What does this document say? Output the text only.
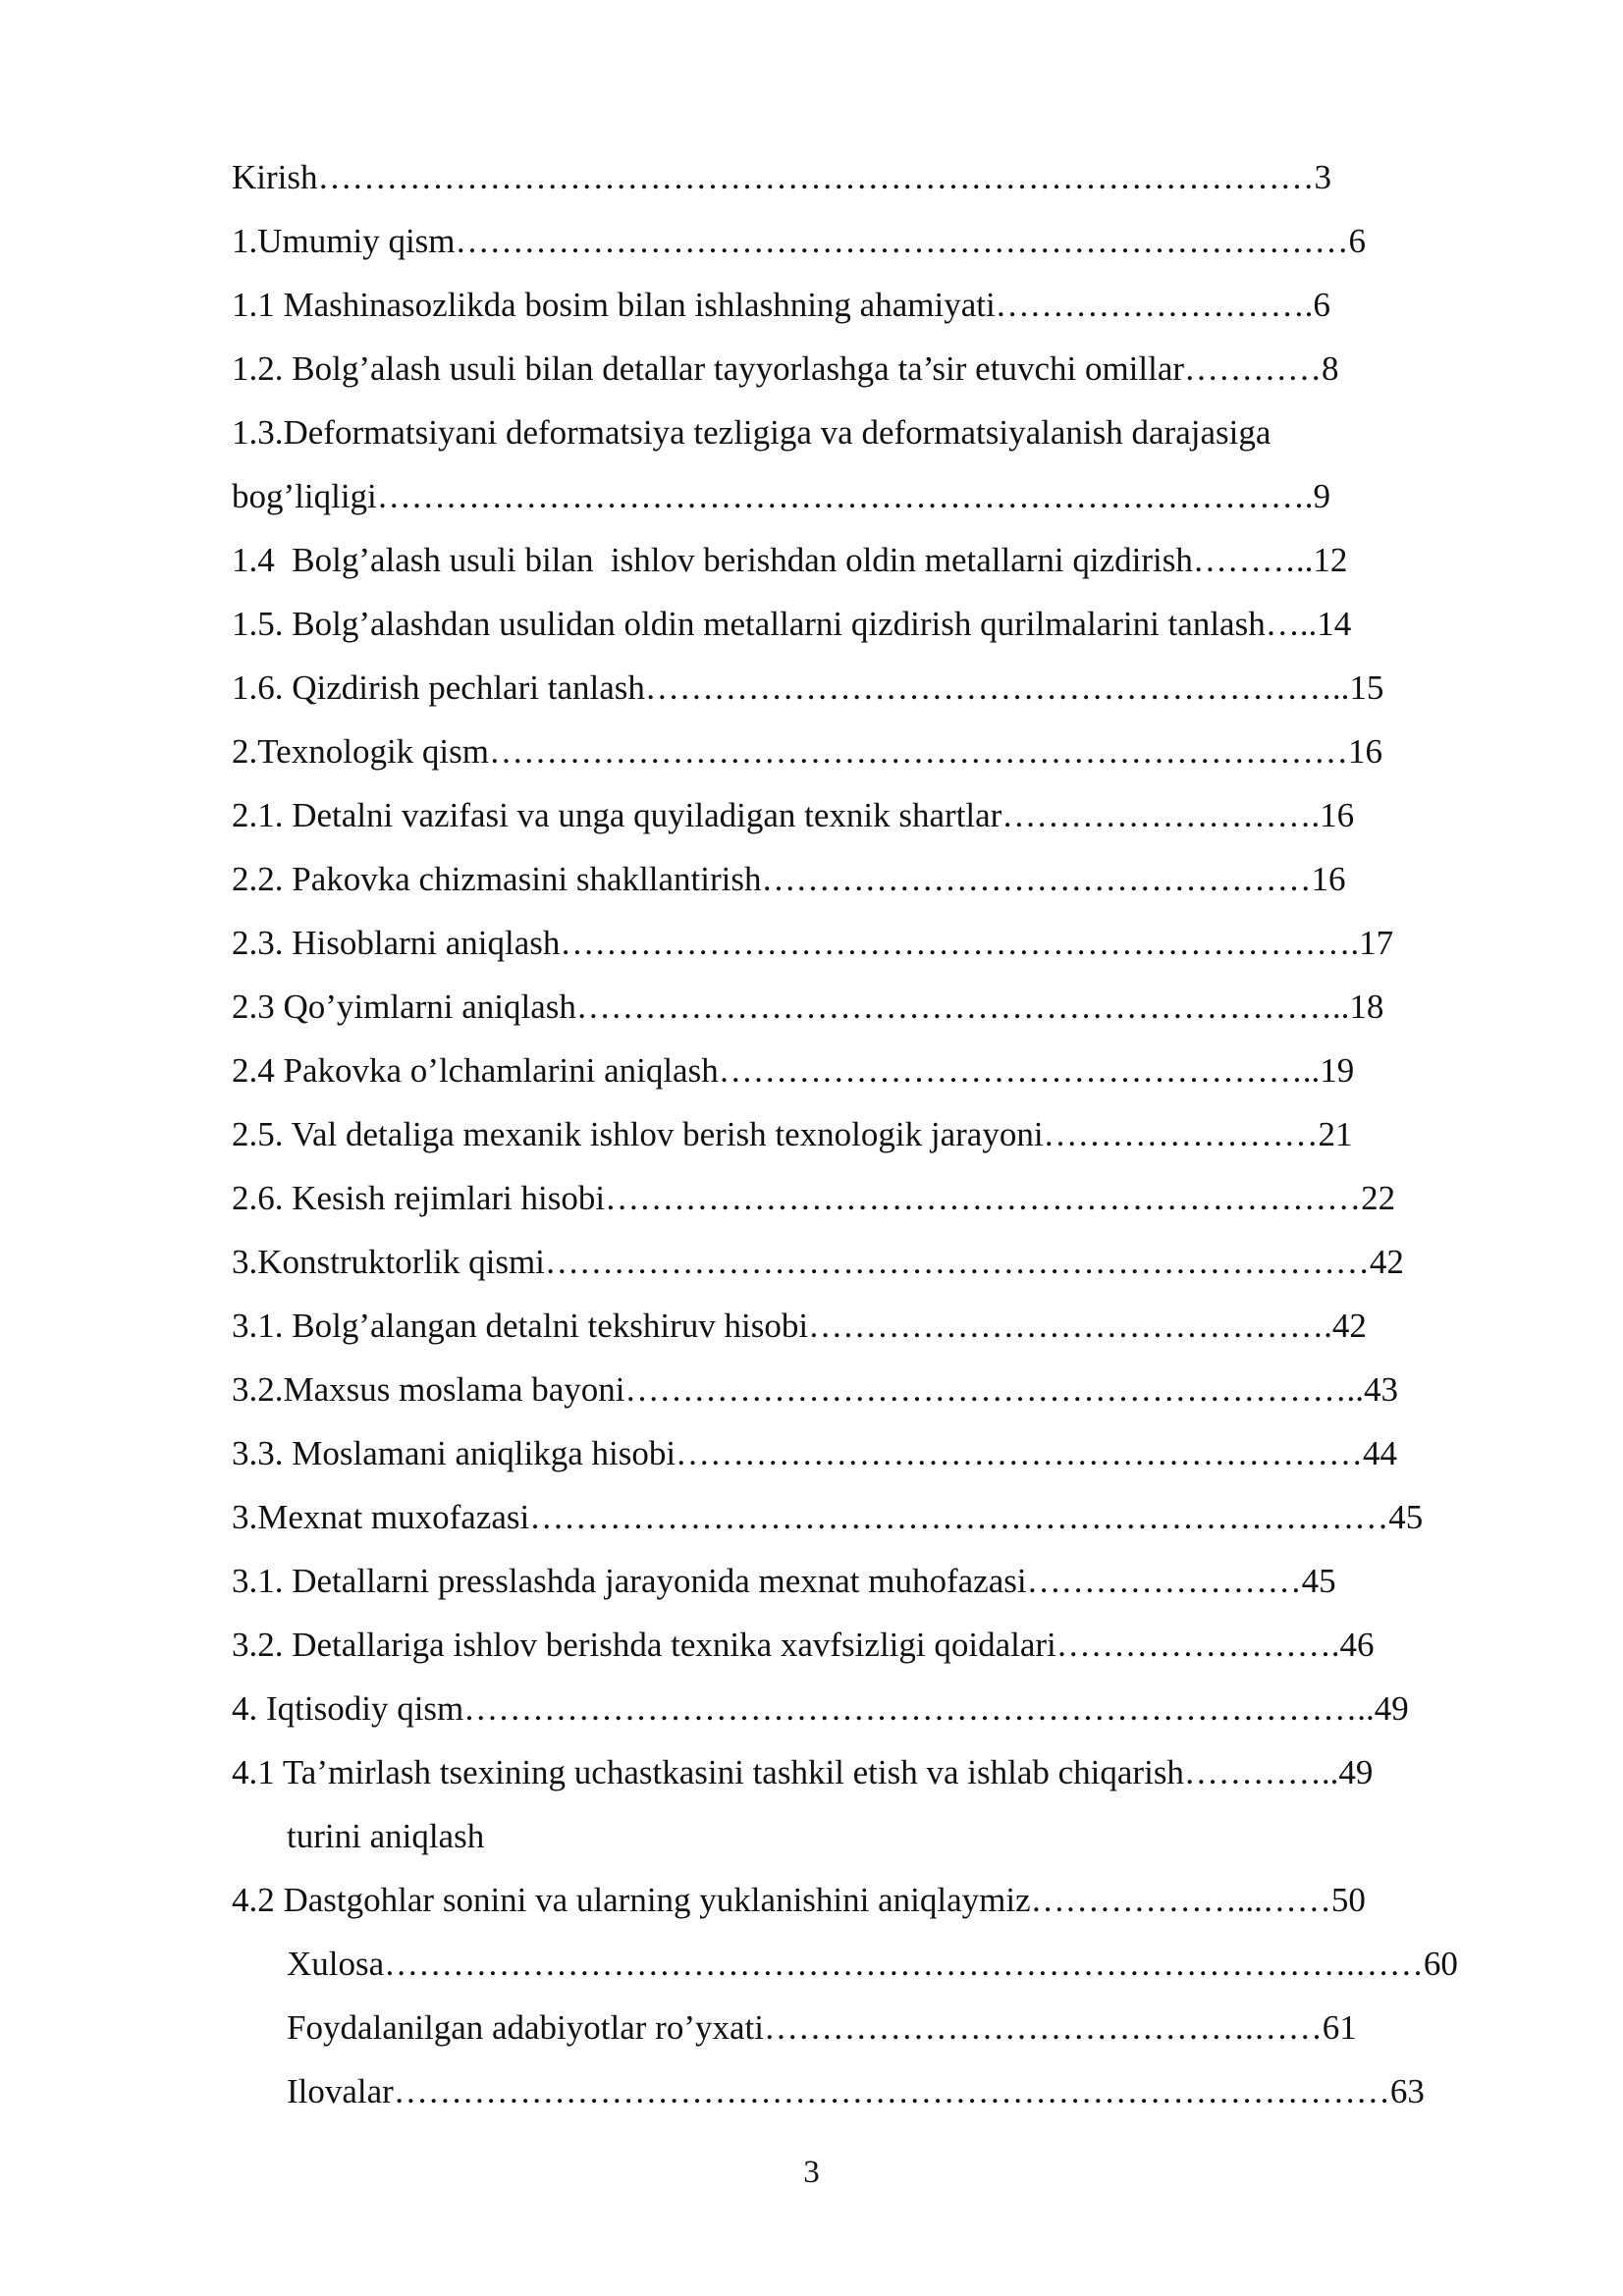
Kirish……………………………………………………………………………3
1.Umumiy qism……………………………………………………………………6
1.1 Mashinasozlikda bosim bilan ishlashning ahamiyati……………………….6
1.2. Bolg’alash usuli bilan detallar tayyorlashga ta’sir etuvchi omillar…………8
1.3.Deformatsiyani deformatsiya tezligiga va deformatsiyalanish darajasiga
bog’liqligi……………………………………………………………………….9
1.4  Bolg’alash usuli bilan  ishlov berishdan oldin metallarni qizdirish………..12
1.5. Bolg’alashdan usulidan oldin metallarni qizdirish qurilmalarini tanlash…..14
1.6. Qizdirish pechlari tanlash……………………………………………………..15
2.Texnologik qism…………………………………………………………………16
2.1. Detalni vazifasi va unga quyiladigan texnik shartlar……………………….16
2.2. Pakovka chizmasini shakllantirish…………………………………………16
2.3. Hisoblarni aniqlash…………………………………………………………….17
2.3 Qo’yimlarni aniqlash…………………………………………………………..18
2.4 Pakovka o’lchamlarini aniqlash……………………………………………..19
2.5. Val detaliga mexanik ishlov berish texnologik jarayoni……………………21
2.6. Kesish rejimlari hisobi…………………………………………………………22
3.Konstruktorlik qismi………………………………………………………………42
3.1. Bolg’alangan detalni tekshiruv hisobi……………………………………….42
3.2.Maxsus moslama bayoni………………………………………………………..43
3.3. Moslamani aniqlikga hisobi……………………………………………………44
3.Mexnat muxofazasi…………………………………………………………………45
3.1. Detallarni presslashda jarayonida mexnat muhofazasi……………………45
3.2. Detallariga ishlov berishda texnika xavfsizligi qoidalari…………………….46
4. Iqtisodiy qism……………………………………………………………………..49
4.1 Ta’mirlash tsexining uchastkasini tashkil etish va ishlab chiqarish…………..49
turini aniqlash
4.2 Dastgohlar sonini va ularning yuklanishini aniqlaymiz………………...……50
Xulosa………………………………………………………………………….……60
Foydalanilgan adabiyotlar ro’yxati…………………………………….……61
Ilovalar……………………………………………………………………………63
3
